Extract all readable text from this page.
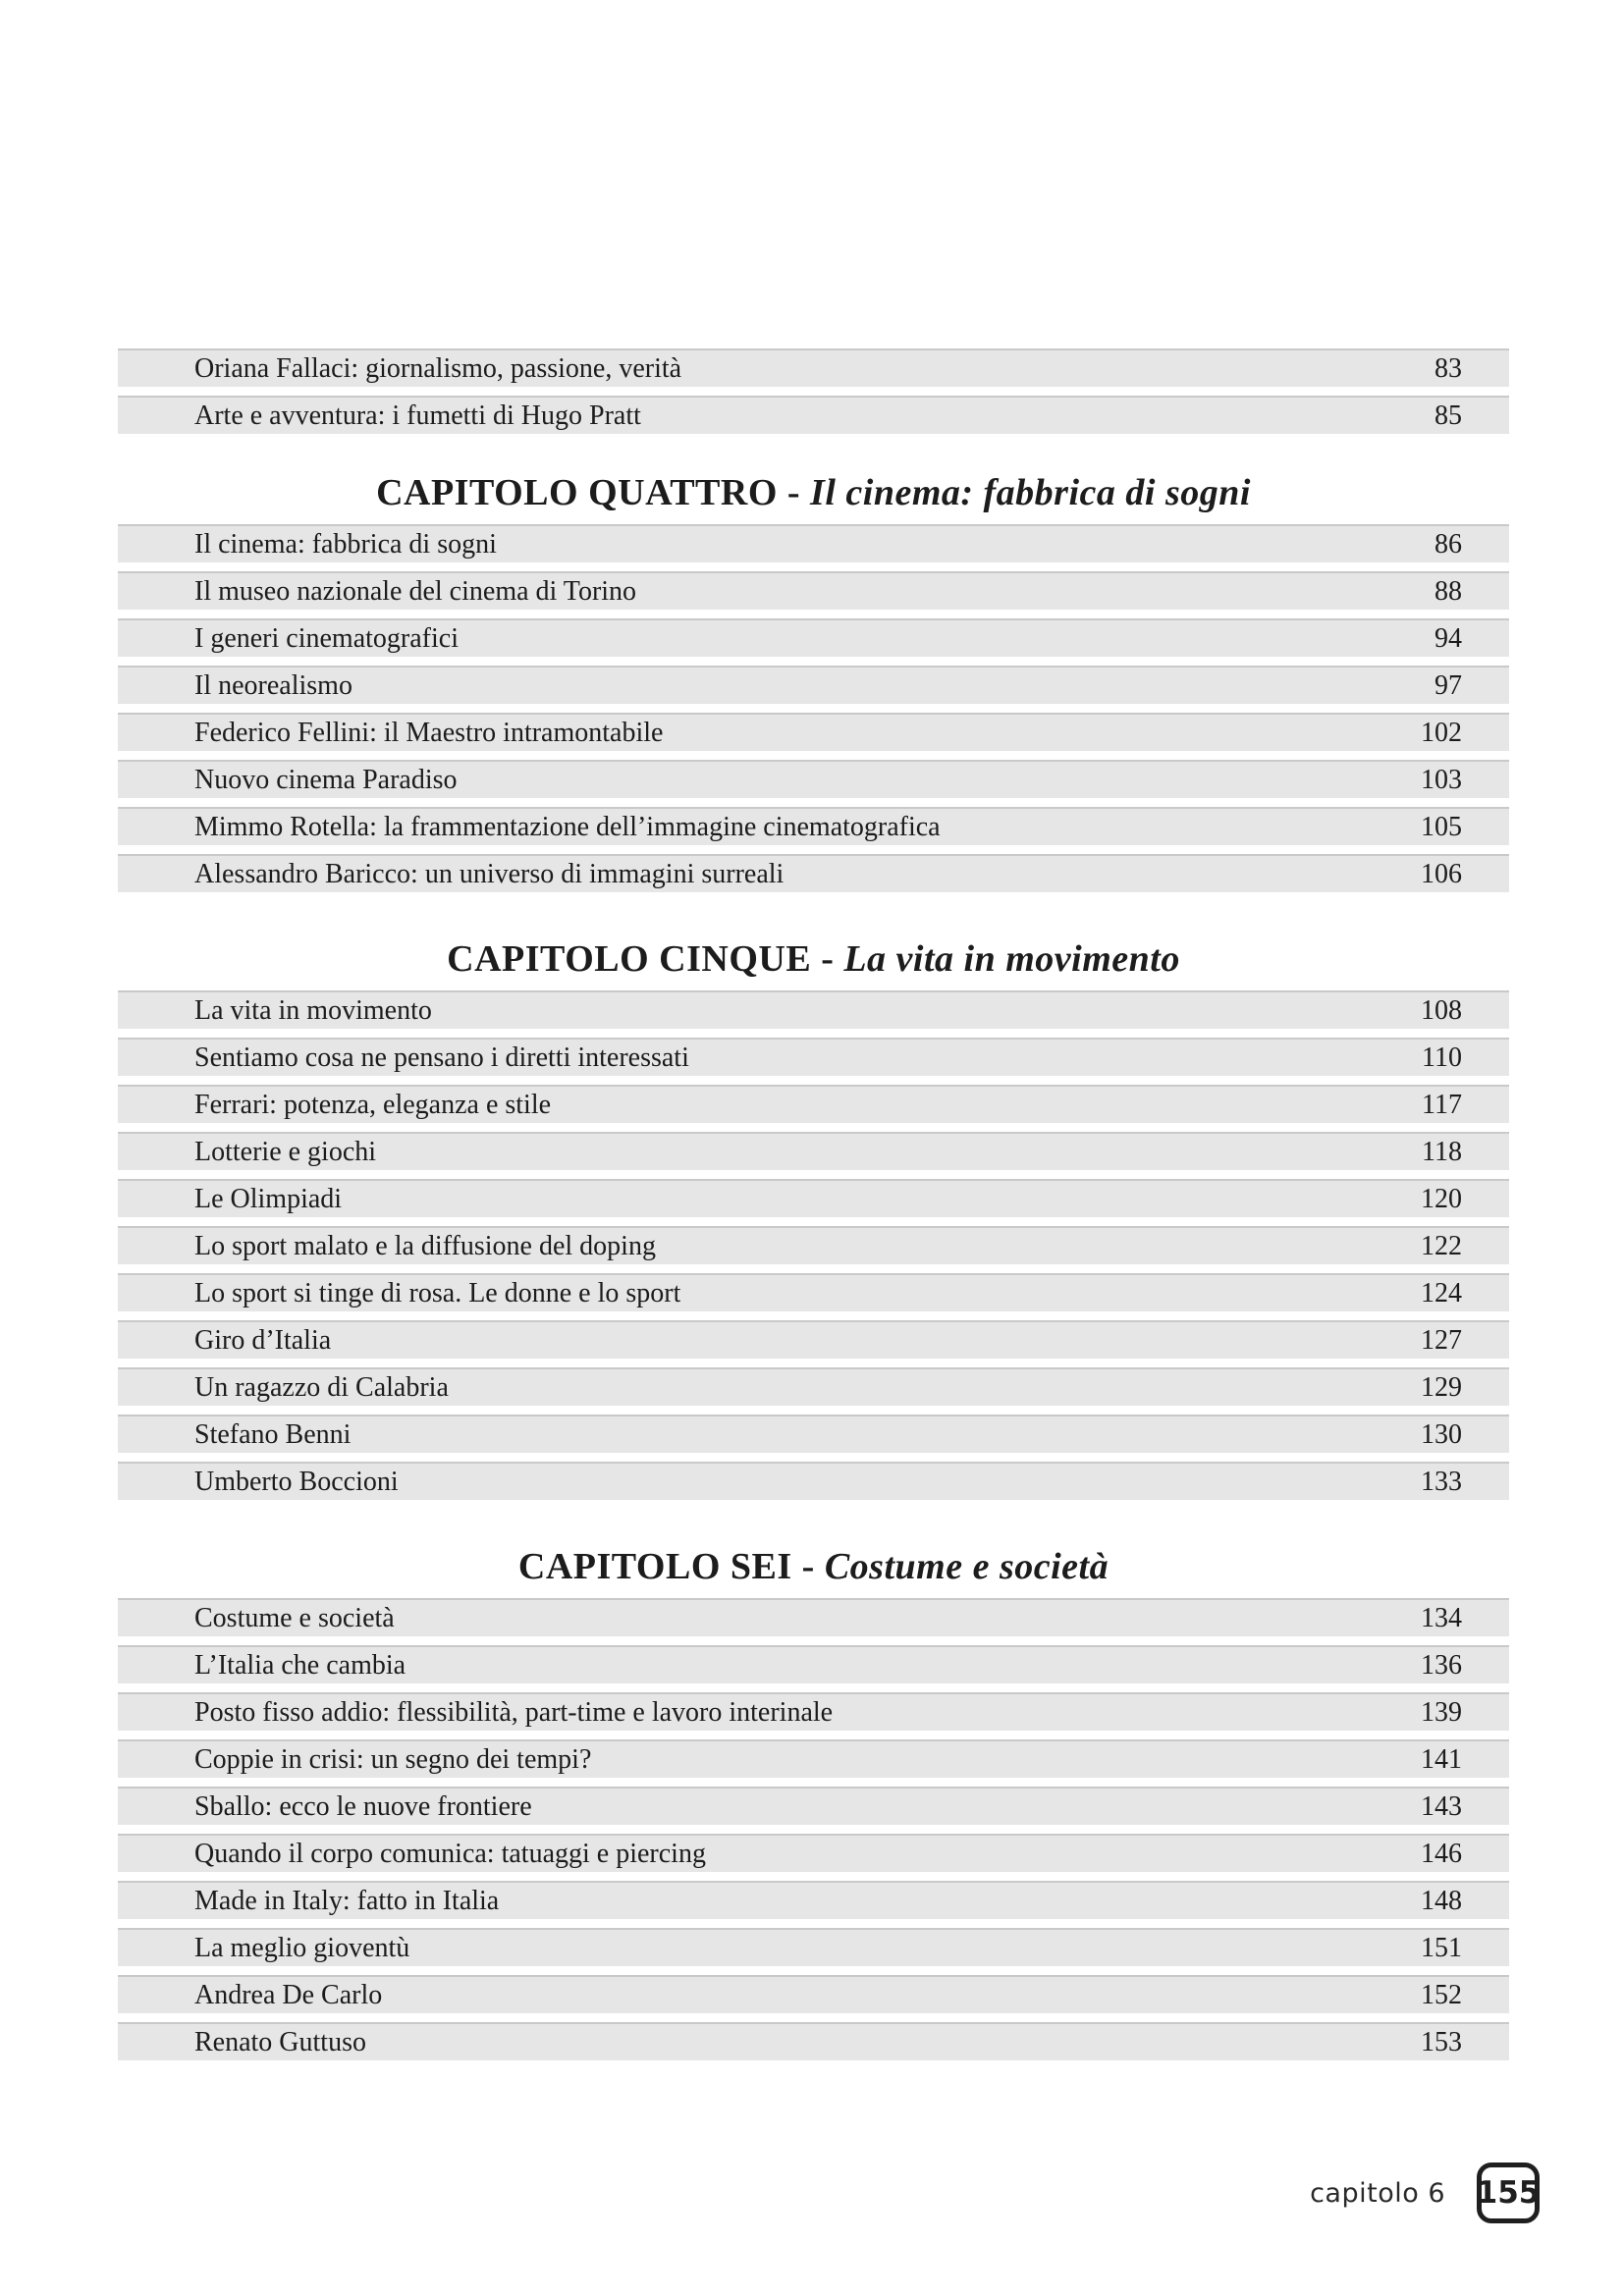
Oriana Fallaci: giornalismo, passione, verità	83
Arte e avventura: i fumetti di Hugo Pratt	85
CAPITOLO QUATTRO - Il cinema: fabbrica di sogni
Il cinema: fabbrica di sogni	86
Il museo nazionale del cinema di Torino	88
I generi cinematografici	94
Il neorealismo	97
Federico Fellini: il Maestro intramontabile	102
Nuovo cinema Paradiso	103
Mimmo Rotella: la frammentazione dell’immagine cinematografica	105
Alessandro Baricco: un universo di immagini surreali	106
CAPITOLO CINQUE - La vita in movimento
La vita in movimento	108
Sentiamo cosa ne pensano i diretti interessati	110
Ferrari: potenza, eleganza e stile	117
Lotterie e giochi	118
Le Olimpiadi	120
Lo sport malato e la diffusione del doping	122
Lo sport si tinge di rosa. Le donne e lo sport	124
Giro d’Italia	127
Un ragazzo di Calabria	129
Stefano Benni	130
Umberto Boccioni	133
CAPITOLO SEI - Costume e società
Costume e società	134
L’Italia che cambia	136
Posto fisso addio: flessibilità, part-time e lavoro interinale	139
Coppie in crisi: un segno dei tempi?	141
Sballo: ecco le nuove frontiere	143
Quando il corpo comunica: tatuaggi e piercing	146
Made in Italy: fatto in Italia	148
La meglio gioventù	151
Andrea De Carlo	152
Renato Guttuso	153
capitolo 6 155
